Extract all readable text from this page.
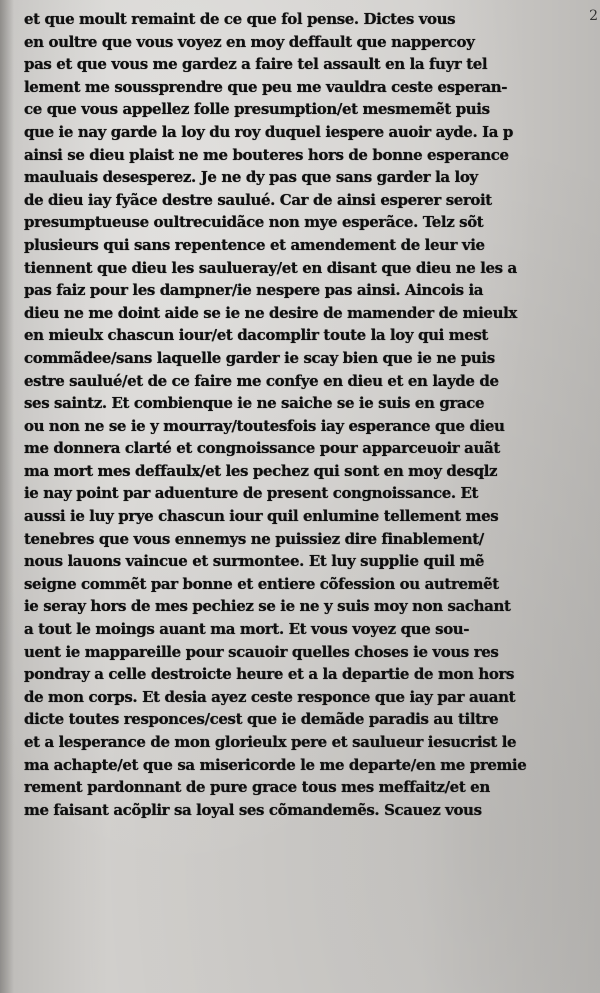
2
et que moult remaint de ce que fol pense. Dictes vous
en oultre que vous voyez en moy deffault que nappercoy
pas et que vous me gardez a faire tel assault en la fuyr tel
lement me soussprendre que peu me vauldra ceste esperan-
ce que vous appellez folle presumption/et mesmemẽt puis
que ie nay garde la loy du roy duquel iespere auoir ayde. Ia p
ainsi se dieu plaist ne me bouteres hors de bonne esperance
mauluais desesperez. Je ne dy pas que sans garder la loy
de dieu iay fyãce destre saulué. Car de ainsi esperer seroit
presumptueuse oultrecuidãce non mye esperãce. Telz sõt
plusieurs qui sans repentence et amendement de leur vie
tiennent que dieu les saulueray/et en disant que dieu ne les a
pas faiz pour les dampner/ie nespere pas ainsi. Aincois ia
dieu ne me doint aide se ie ne desire de mamender de mieulx
en mieulx chascun iour/et dacomplir toute la loy qui mest
commãdee/sans laquelle garder ie scay bien que ie ne puis
estre saulué/et de ce faire me confye en dieu et en layde de
ses saintz. Et combienque ie ne saiche se ie suis en grace
ou non ne se ie y mourray/toutesfois iay esperance que dieu
me donnera clarté et congnoissance pour apparceuoir auãt
ma mort mes deffaulx/et les pechez qui sont en moy desqlz
ie nay point par aduenture de present congnoissance. Et
aussi ie luy prye chascun iour quil enlumine tellement mes
tenebres que vous ennemys ne puissiez dire finablement/
nous lauons vaincue et surmontee. Et luy supplie quil mẽ
seigne commẽt par bonne et entiere cõfession ou autremẽt
ie seray hors de mes pechiez se ie ne y suis moy non sachant
a tout le moings auant ma mort. Et vous voyez que sou-
uent ie mappareille pour scauoir quelles choses ie vous res
pondray a celle destroicte heure et a la departie de mon hors
de mon corps. Et desia ayez ceste responce que iay par auant
dicte toutes responces/cest que ie demãde paradis au tiltre
et a lesperance de mon glorieulx pere et saulueur iesucrist le
ma achapte/et que sa misericorde le me departe/en me premie
rement pardonnant de pure grace tous mes meffaitz/et en
me faisant acõplir sa loyal ses cõmandemẽs. Scauez vous
